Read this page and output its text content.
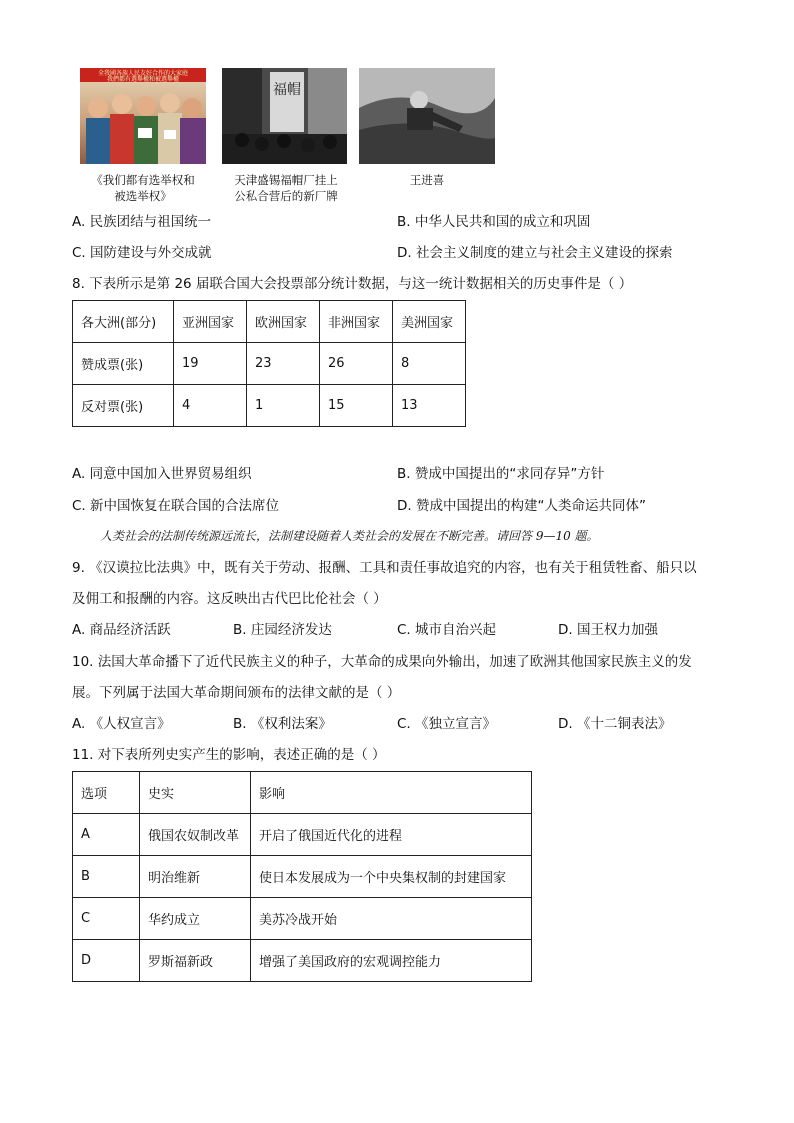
全我國各族人民友好合作的大家庭
我們都有選舉權和被選舉權
《我们都有选举权和
被选举权》
福帽
天津盛锡福帽厂挂上
公私合营后的新厂牌
王进喜
A. 民族团结与祖国统一	B. 中华人民共和国的成立和巩固
C. 国防建设与外交成就	D. 社会主义制度的建立与社会主义建设的探索
8. 下表所示是第 26 届联合国大会投票部分统计数据，与这一统计数据相关的历史事件是（ ）
各大洲(部分)	亚洲国家	欧洲国家	非洲国家	美洲国家
赞成票(张)	19	23	26	8
反对票(张)	4	1	15	13
A. 同意中国加入世界贸易组织	B. 赞成中国提出的“求同存异”方针
C. 新中国恢复在联合国的合法席位	D. 赞成中国提出的构建“人类命运共同体”
人类社会的法制传统源远流长，法制建设随着人类社会的发展在不断完善。请回答 9—10 题。
9. 《汉谟拉比法典》中，既有关于劳动、报酬、工具和责任事故追究的内容，也有关于租赁牲畜、船只以
及佣工和报酬的内容。这反映出古代巴比伦社会（ ）
A. 商品经济活跃	B. 庄园经济发达	C. 城市自治兴起	D. 国王权力加强
10. 法国大革命播下了近代民族主义的种子，大革命的成果向外输出，加速了欧洲其他国家民族主义的发
展。下列属于法国大革命期间颁布的法律文献的是（ ）
A. 《人权宣言》	B. 《权利法案》	C. 《独立宣言》	D. 《十二铜表法》
11. 对下表所列史实产生的影响，表述正确的是（ ）
选项	史实	影响
A	俄国农奴制改革	开启了俄国近代化的进程
B	明治维新	使日本发展成为一个中央集权制的封建国家
C	华约成立	美苏冷战开始
D	罗斯福新政	增强了美国政府的宏观调控能力
